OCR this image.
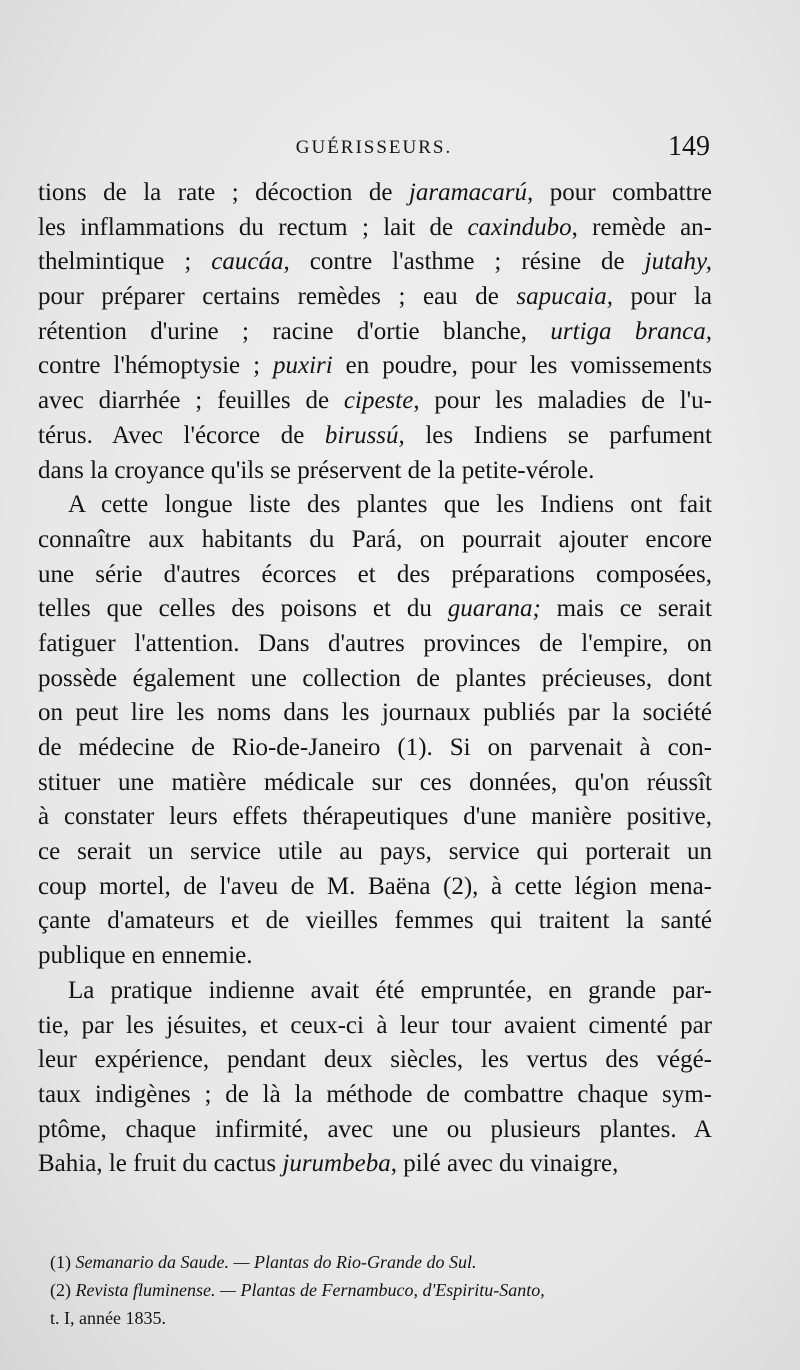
GUÉRISSEURS.	149

tions de la rate ; décoction de jaramacarú, pour combattre
les inflammations du rectum ; lait de caxindubo, remède an-
thelmintique ; caucáa, contre l'asthme ; résine de jutahy,
pour préparer certains remèdes ; eau de sapucaia, pour la
rétention d'urine ; racine d'ortie blanche, urtiga branca,
contre l'hémoptysie ; puxiri en poudre, pour les vomissements
avec diarrhée ; feuilles de cipeste, pour les maladies de l'u-
térus. Avec l'écorce de birussú, les Indiens se parfument
dans la croyance qu'ils se préservent de la petite-vérole.

A cette longue liste des plantes que les Indiens ont fait
connaître aux habitants du Pará, on pourrait ajouter encore
une série d'autres écorces et des préparations composées,
telles que celles des poisons et du guarana; mais ce serait
fatiguer l'attention. Dans d'autres provinces de l'empire, on
possède également une collection de plantes précieuses, dont
on peut lire les noms dans les journaux publiés par la société
de médecine de Rio-de-Janeiro (1). Si on parvenait à con-
stituer une matière médicale sur ces données, qu'on réussît
à constater leurs effets thérapeutiques d'une manière positive,
ce serait un service utile au pays, service qui porterait un
coup mortel, de l'aveu de M. Baëna (2), à cette légion mena-
çante d'amateurs et de vieilles femmes qui traitent la santé
publique en ennemie.

La pratique indienne avait été empruntée, en grande par-
tie, par les jésuites, et ceux-ci à leur tour avaient cimenté par
leur expérience, pendant deux siècles, les vertus des végé-
taux indigènes ; de là la méthode de combattre chaque sym-
ptôme, chaque infirmité, avec une ou plusieurs plantes. A
Bahia, le fruit du cactus jurumbeba, pilé avec du vinaigre,

(1) Semanario da Saude. — Plantas do Rio-Grande do Sul.
(2) Revista fluminense. — Plantas de Fernambuco, d'Espiritu-Santo,
t. I, année 1835.
